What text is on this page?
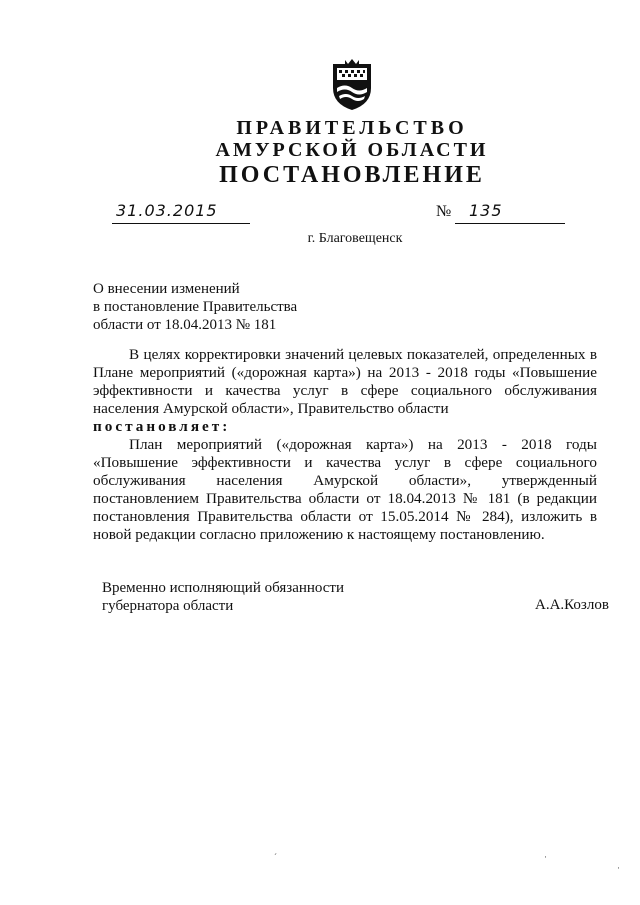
ПРАВИТЕЛЬСТВО
АМУРСКОЙ ОБЛАСТИ
ПОСТАНОВЛЕНИЕ
31.03.2015	№ 135
г. Благовещенск
О внесении изменений
в постановление Правительства
области от 18.04.2013 № 181

В целях корректировки значений целевых показателей, определенных в Плане мероприятий («дорожная карта») на 2013 - 2018 годы «Повышение эффективности и качества услуг в сфере социального обслуживания населения Амурской области», Правительство области

постановляет:

План мероприятий («дорожная карта») на 2013 - 2018 годы «Повышение эффективности и качества услуг в сфере социального обслуживания населения Амурской области», утвержденный постановлением Правительства области от 18.04.2013 № 181 (в редакции постановления Правительства области от 15.05.2014 № 284), изложить в новой редакции согласно приложению к настоящему постановлению.

Временно исполняющий обязанности
губернатора области	А.А.Козлов
´	·
·
